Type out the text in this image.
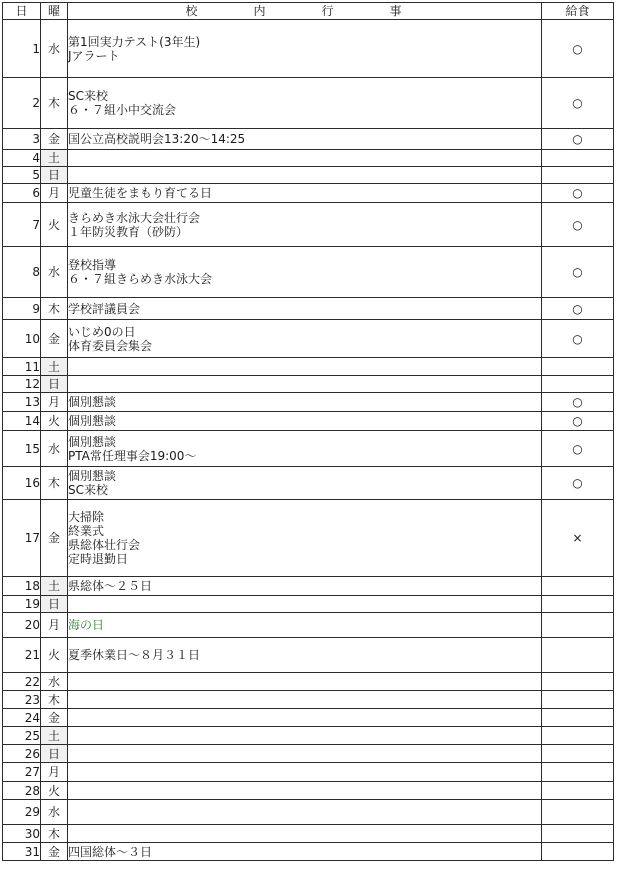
日	曜	校　内　行　事	給食
1	水	第1回実力テスト(3年生)
Jアラート	○
2	木	SC来校
６・７組小中交流会	○
3	金	国公立高校説明会13:20～14:25	○
4	土		
5	日		
6	月	児童生徒をまもり育てる日	○
7	火	きらめき水泳大会壮行会
１年防災教育（砂防）	○
8	水	登校指導
６・７組きらめき水泳大会	○
9	木	学校評議員会	○
10	金	いじめ0の日
体育委員会集会	○
11	土		
12	日		
13	月	個別懇談	○
14	火	個別懇談	○
15	水	個別懇談
PTA常任理事会19:00～	○
16	木	個別懇談
SC来校	○
17	金	大掃除
終業式
県総体壮行会
定時退勤日	×
18	土	県総体～２５日	
19	日		
20	月	海の日	
21	火	夏季休業日～８月３１日	
22	水		
23	木		
24	金		
25	土		
26	日		
27	月		
28	火		
29	水		
30	木		
31	金	四国総体～３日	
